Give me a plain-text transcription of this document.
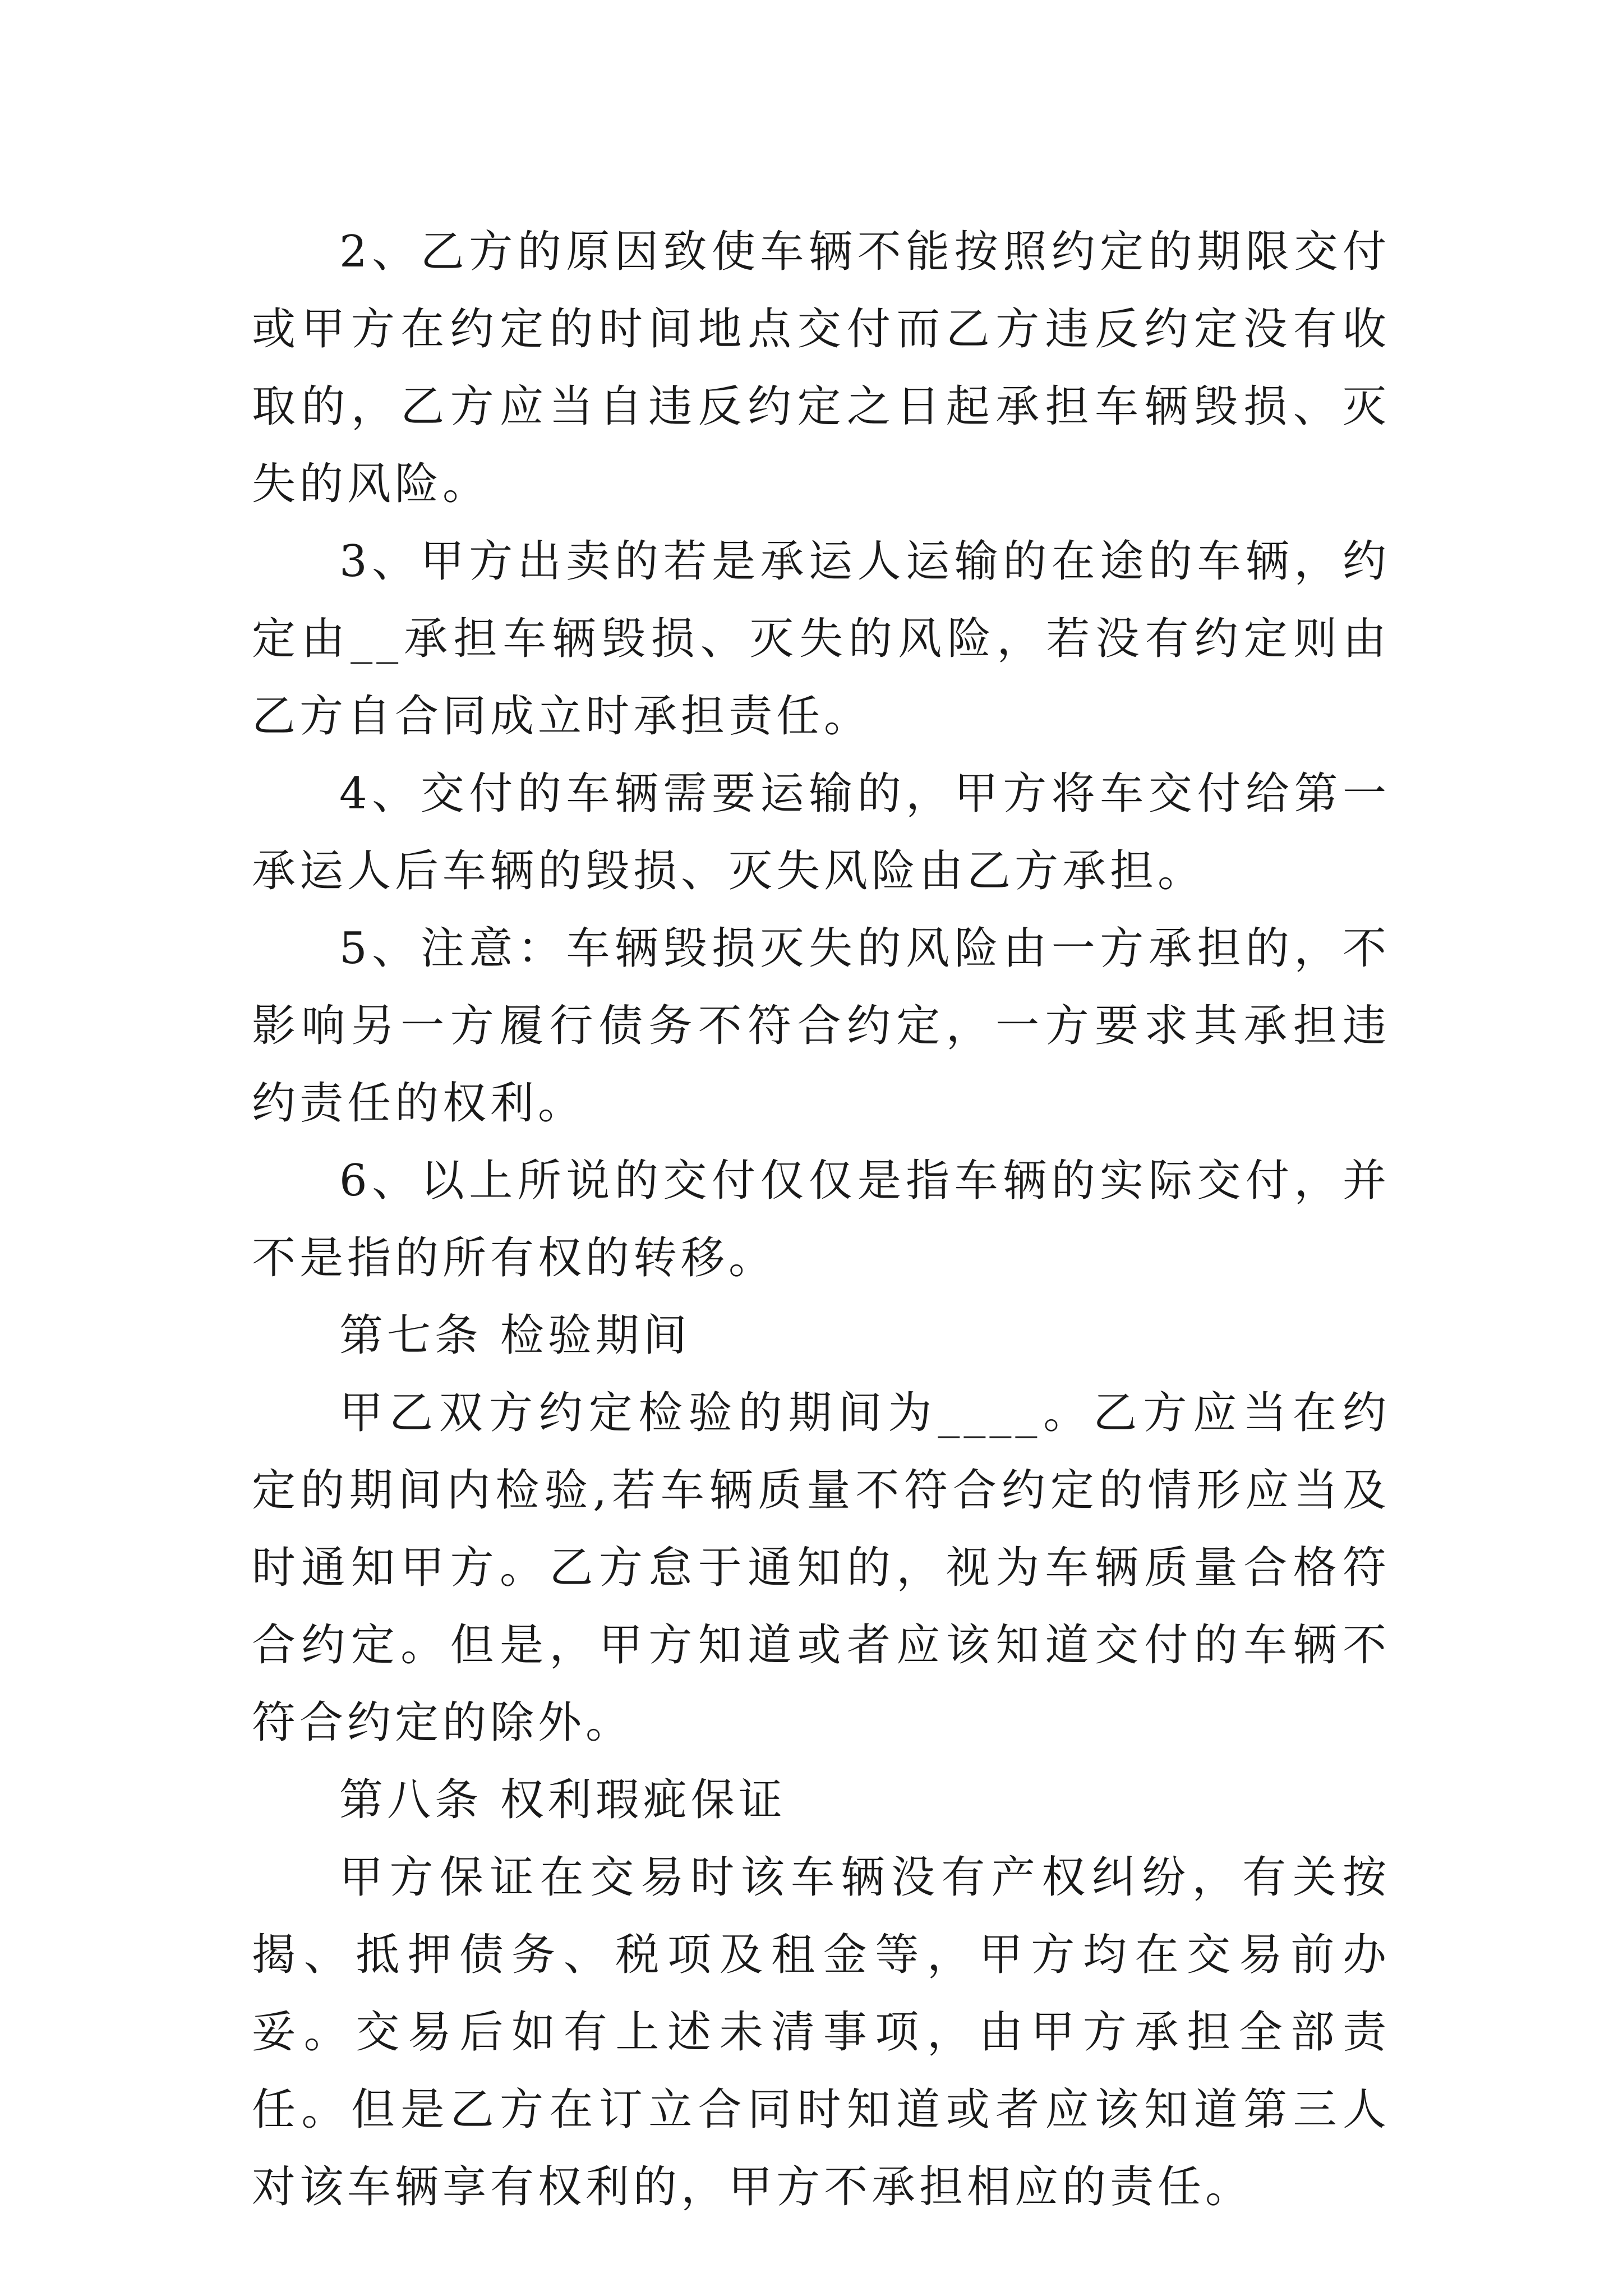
2、乙方的原因致使车辆不能按照约定的期限交付或甲方在约定的时间地点交付而乙方违反约定没有收取的，乙方应当自违反约定之日起承担车辆毁损、灭失的风险。

3、甲方出卖的若是承运人运输的在途的车辆，约定由__承担车辆毁损、灭失的风险，若没有约定则由乙方自合同成立时承担责任。

4、交付的车辆需要运输的，甲方将车交付给第一承运人后车辆的毁损、灭失风险由乙方承担。

5、注意：车辆毁损灭失的风险由一方承担的，不影响另一方履行债务不符合约定，一方要求其承担违约责任的权利。

6、以上所说的交付仅仅是指车辆的实际交付，并不是指的所有权的转移。

第七条 检验期间

甲乙双方约定检验的期间为____。乙方应当在约定的期间内检验,若车辆质量不符合约定的情形应当及时通知甲方。乙方怠于通知的，视为车辆质量合格符合约定。但是，甲方知道或者应该知道交付的车辆不符合约定的除外。

第八条 权利瑕疵保证

甲方保证在交易时该车辆没有产权纠纷，有关按揭、抵押债务、税项及租金等，甲方均在交易前办妥。交易后如有上述未清事项，由甲方承担全部责任。但是乙方在订立合同时知道或者应该知道第三人对该车辆享有权利的，甲方不承担相应的责任。
